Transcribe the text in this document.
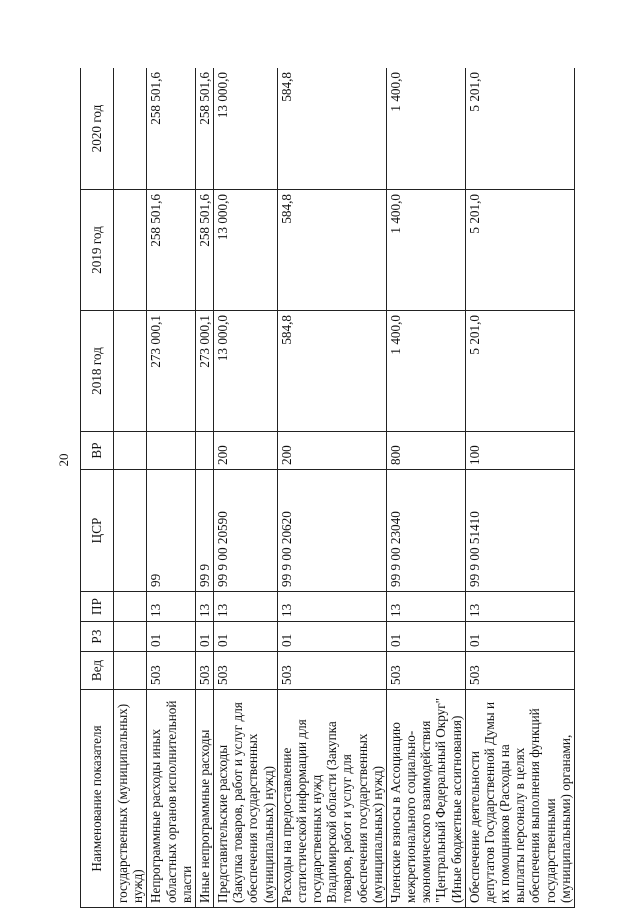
20
Наименование показателя	Вед	РЗ	ПР	ЦСР	ВР	2018 год	2019 год	2020 год
государственных (муниципальных) нужд)								
Непрограммные расходы иных областных органов исполнительной власти	503	01	13	99		273 000,1	258 501,6	258 501,6
Иные непрограммные расходы	503	01	13	99 9		273 000,1	258 501,6	258 501,6
Представительские расходы (Закупка товаров, работ и услуг для обеспечения государственных (муниципальных) нужд)	503	01	13	99 9 00 20590	200	13 000,0	13 000,0	13 000,0
Расходы на предоставление статистической информации для государственных нужд Владимирской области (Закупка товаров, работ и услуг для обеспечения государственных (муниципальных) нужд)	503	01	13	99 9 00 20620	200	584,8	584,8	584,8
Членские взносы в Ассоциацию межрегионального социально-экономического взаимодействия "Центральный Федеральный Округ" (Иные бюджетные ассигнования)	503	01	13	99 9 00 23040	800	1 400,0	1 400,0	1 400,0
Обеспечение деятельности депутатов Государственной Думы и их помощников (Расходы на выплаты персоналу в целях обеспечения выполнения функций государственными (муниципальными) органами,	503	01	13	99 9 00 51410	100	5 201,0	5 201,0	5 201,0
